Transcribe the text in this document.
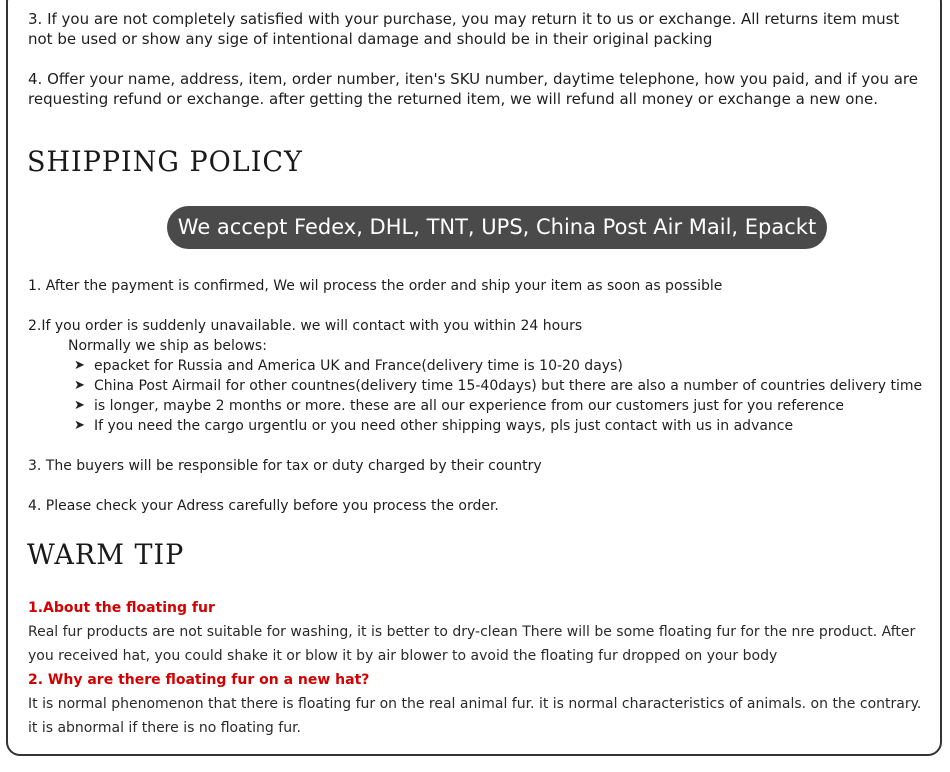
3. If you are not completely satisfied with your purchase, you may return it to us or exchange. All returns item must not be used or show any sige of intentional damage and should be in their original packing

4. Offer your name, address, item, order number, iten's SKU number, daytime telephone, how you paid, and if you are requesting refund or exchange. after getting the returned item, we will refund all money or exchange a new one.

SHIPPING POLICY
We accept Fedex, DHL, TNT, UPS, China Post Air Mail, Epackt

1. After the payment is confirmed, We wil process the order and ship your item as soon as possible

2.If you order is suddenly unavailable. we will contact with you within 24 hours

Normally we ship as belows:
➤ epacket for Russia and America UK and France(delivery time is 10-20 days)
➤ China Post Airmail for other countnes(delivery time 15-40days) but there are also a number of countries delivery time
➤ is longer, maybe 2 months or more. these are all our experience from our customers just for you reference
➤ If you need the cargo urgentlu or you need other shipping ways, pls just contact with us in advance

3. The buyers will be responsible for tax or duty charged by their country

4. Please check your Adress carefully before you process the order.

WARM TIP
1.About the floating fur
Real fur products are not suitable for washing, it is better to dry-clean There will be some floating fur for the nre product. After you received hat, you could shake it or blow it by air blower to avoid the floating fur dropped on your body
2. Why are there floating fur on a new hat?
It is normal phenomenon that there is floating fur on the real animal fur. it is normal characteristics of animals. on the contrary. it is abnormal if there is no floating fur.
